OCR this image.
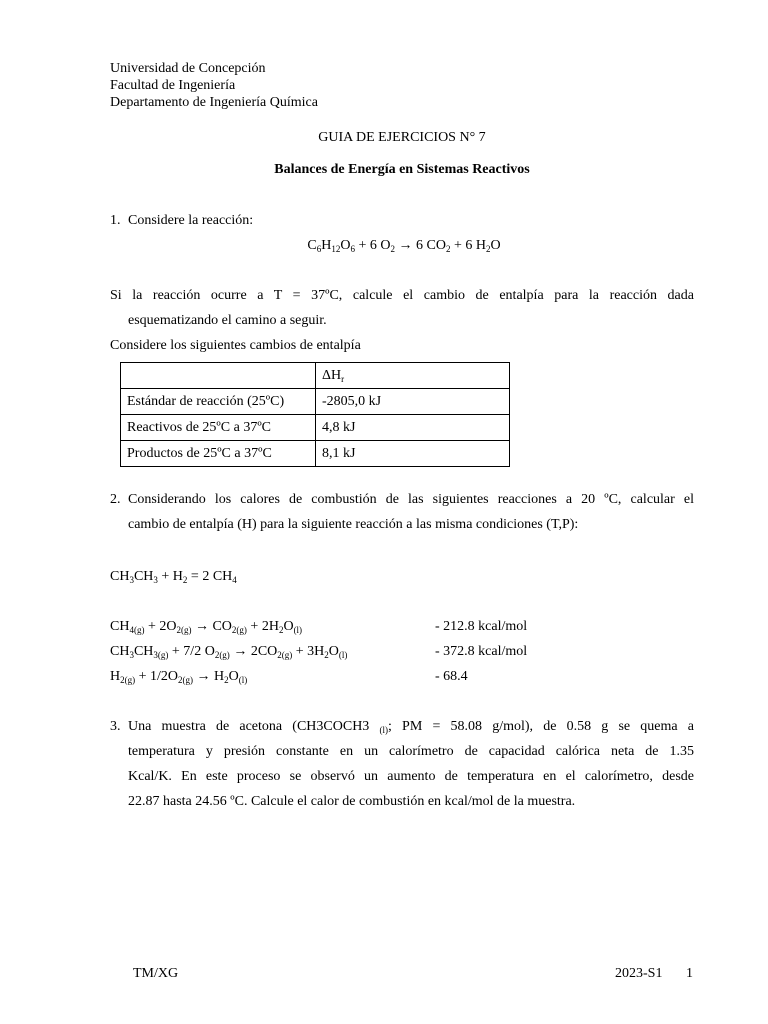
Universidad de Concepción
Facultad de Ingeniería
Departamento de Ingeniería Química
GUIA DE EJERCICIOS N° 7
Balances de Energía en Sistemas Reactivos
1. Considere la reacción:
$C_6H_{12}O_6 + 6$ $O_2 \to 6$ $CO_2 + 6$ $H_2O$
Si la reacción ocurre a T = 37ºC, calcule el cambio de entalpía para la reacción dada
esquematizando el camino a seguir.
Considere los siguientes cambios de entalpía
	$\Delta H_r$
Estándar de reacción (25ºC)	-2805,0 kJ
Reactivos de 25ºC a 37ºC	4,8 kJ
Productos de 25ºC a 37ºC	8,1 kJ
2. Considerando los calores de combustión de las siguientes reacciones a 20 ºC, calcular el
cambio de entalpía (H) para la siguiente reacción a las misma condiciones (T,P):
$CH_3CH_3 + H_2 = 2$ $CH_4$
$CH_{4(g)} + 2O_{2(g)} \to CO_{2(g)} + 2H_2O_{(l)}$	- 212.8 kcal/mol
$CH_3CH_{3(g)} + 7/2$ $O_{2(g)} \to 2CO_{2(g)} + 3H_2O_{(l)}$	- 372.8 kcal/mol
$H_{2(g)} + 1/2O_{2(g)} \to H_2O_{(l)}$	- 68.4
3. Una muestra de acetona (CH3COCH3 $_{(l)}$; PM = 58.08 g/mol), de 0.58 g se quema a
temperatura y presión constante en un calorímetro de capacidad calórica neta de 1.35
Kcal/K. En este proceso se observó un aumento de temperatura en el calorímetro, desde
22.87 hasta 24.56 ºC. Calcule el calor de combustión en kcal/mol de la muestra.
TM/XG	2023-S1 1
